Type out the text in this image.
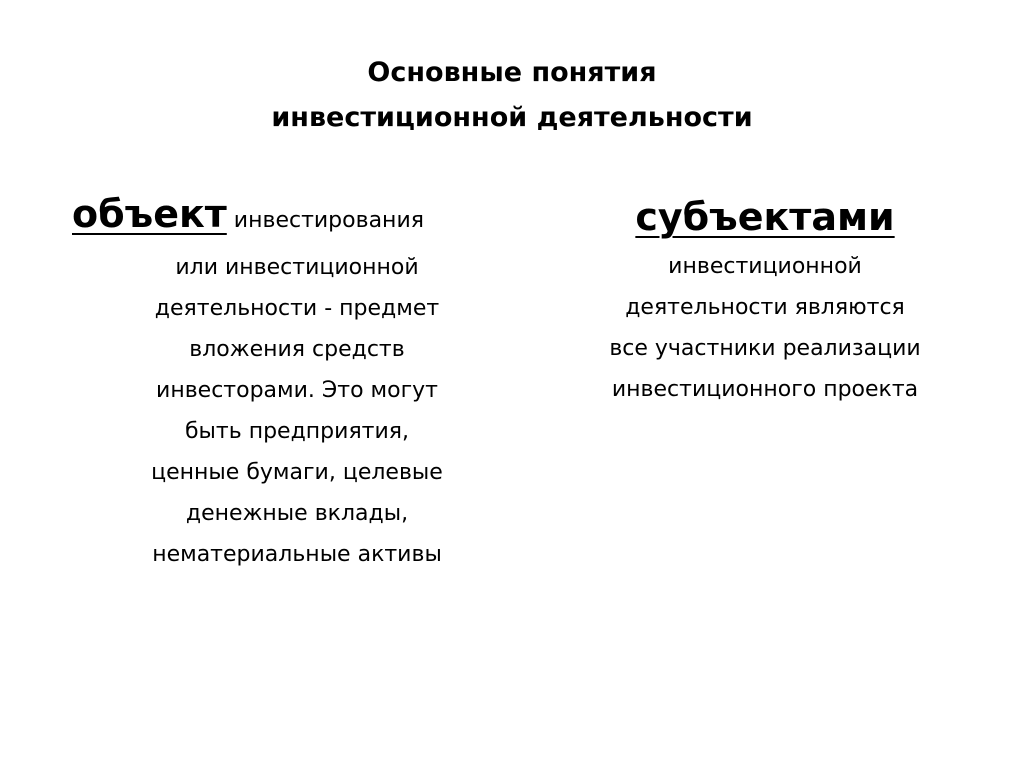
Основные понятия
инвестиционной деятельности
объект инвестирования
или инвестиционной
деятельности - предмет
вложения средств
инвесторами. Это могут
быть предприятия,
ценные бумаги, целевые
денежные вклады,
нематериальные активы
субъектами
инвестиционной
деятельности являются
все участники реализации
инвестиционного проекта
